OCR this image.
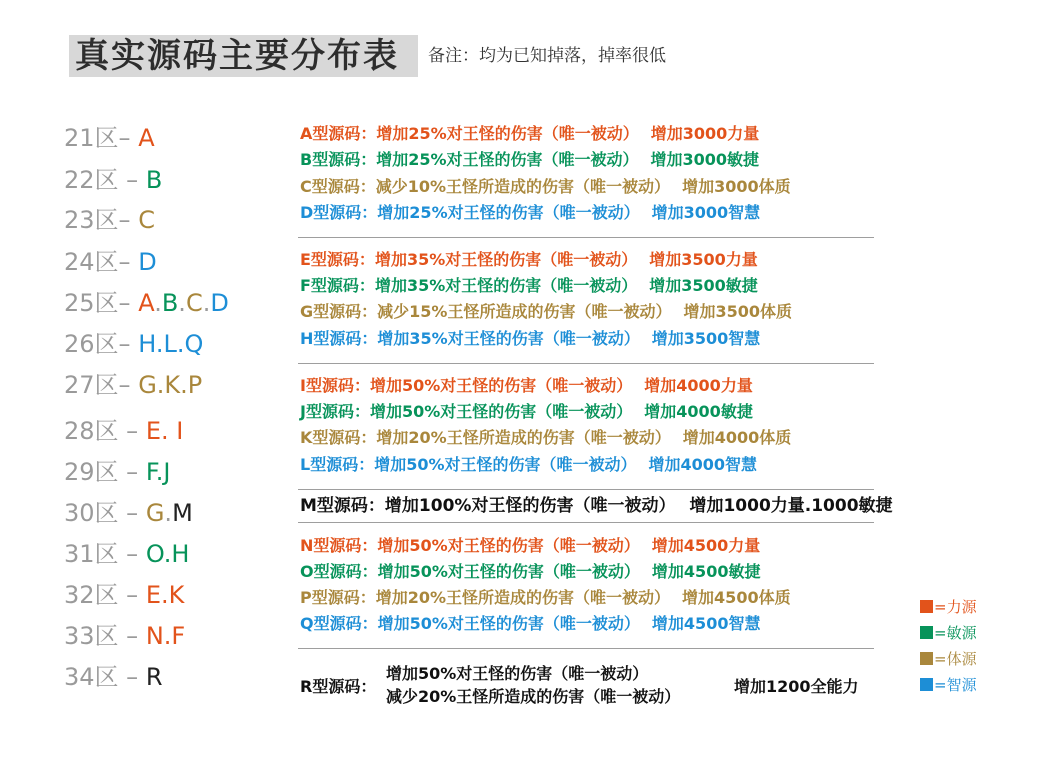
真实源码主要分布表 备注：均为已知掉落，掉率很低
21区– A
22区 – B
23区– C
24区– D
25区– A.B.C.D
26区– H.L.Q
27区– G.K.P
28区 – E. I
29区 – F.J
30区 – G.M
31区 – O.H
32区 – E.K
33区 – N.F
34区 – R
M型源码：增加100%对王怪的伤害（唯一被动） 增加1000力量.1000敏捷
R型源码：
增加50%对王怪的伤害（唯一被动）
减少20%王怪所造成的伤害（唯一被动）
增加1200全能力
=力源
=敏源
=体源
=智源
A型源码：增加25%对王怪的伤害（唯一被动） 增加3000力量
B型源码：增加25%对王怪的伤害（唯一被动） 增加3000敏捷
C型源码：减少10%王怪所造成的伤害（唯一被动） 增加3000体质
D型源码：增加25%对王怪的伤害（唯一被动） 增加3000智慧
E型源码：增加35%对王怪的伤害（唯一被动） 增加3500力量
F型源码：增加35%对王怪的伤害（唯一被动） 增加3500敏捷
G型源码：减少15%王怪所造成的伤害（唯一被动） 增加3500体质
H型源码：增加35%对王怪的伤害（唯一被动） 增加3500智慧
I型源码：增加50%对王怪的伤害（唯一被动） 增加4000力量
J型源码：增加50%对王怪的伤害（唯一被动） 增加4000敏捷
K型源码：增加20%王怪所造成的伤害（唯一被动） 增加4000体质
L型源码：增加50%对王怪的伤害（唯一被动） 增加4000智慧
N型源码：增加50%对王怪的伤害（唯一被动） 增加4500力量
O型源码：增加50%对王怪的伤害（唯一被动） 增加4500敏捷
P型源码：增加20%王怪所造成的伤害（唯一被动） 增加4500体质
Q型源码：增加50%对王怪的伤害（唯一被动） 增加4500智慧
